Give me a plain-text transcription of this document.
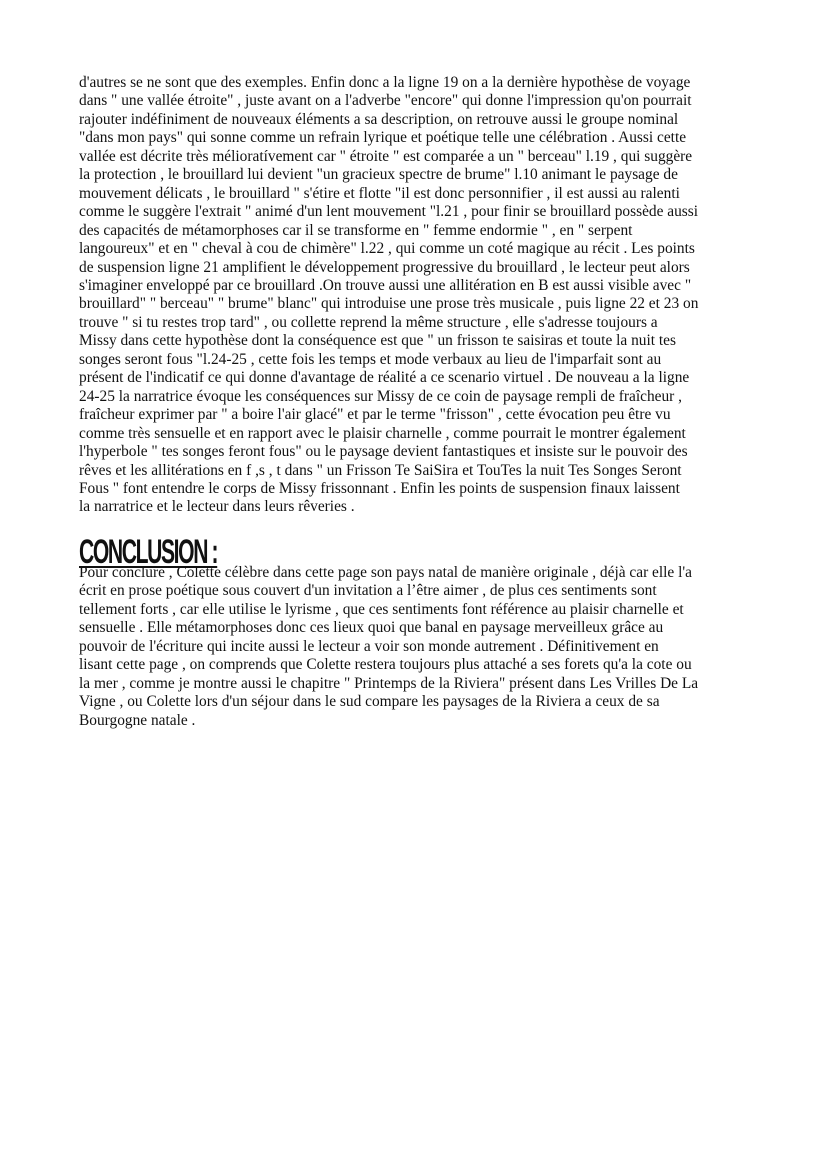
d'autres se ne sont que des exemples. Enfin donc a la ligne 19 on a la dernière hypothèse de voyage
dans " une vallée étroite" , juste avant on a l'adverbe "encore" qui donne l'impression qu'on pourrait
rajouter indéfiniment de nouveaux éléments a sa description, on retrouve aussi le groupe nominal
"dans mon pays" qui sonne comme un refrain lyrique et poétique telle une célébration . Aussi cette
vallée est décrite très mélioratívement car " étroite " est comparée a un " berceau" l.19 , qui suggère
la protection , le brouillard lui devient "un gracieux spectre de brume" l.10 animant le paysage de
mouvement délicats , le brouillard " s'étire et flotte "il est donc personnifier , il est aussi au ralenti
comme le suggère l'extrait " animé d'un lent mouvement "l.21 , pour finir se brouillard possède aussi
des capacités de métamorphoses car il se transforme en " femme endormie " , en " serpent
langoureux" et en " cheval à cou de chimère" l.22 , qui comme un coté magique au récit . Les points
de suspension ligne 21 amplifient le développement progressive du brouillard , le lecteur peut alors
s'imaginer enveloppé par ce brouillard .On trouve aussi une allitération en B est aussi visible avec "
brouillard" " berceau" " brume" blanc" qui introduise une prose très musicale , puis ligne 22 et 23 on
trouve " si tu restes trop tard" , ou collette reprend la même structure , elle s'adresse toujours a
Missy dans cette hypothèse dont la conséquence est que " un frisson te saisiras et toute la nuit tes
songes seront fous "l.24-25 , cette fois les temps et mode verbaux au lieu de l'imparfait sont au
présent de l'indicatif ce qui donne d'avantage de réalité a ce scenario virtuel . De nouveau a la ligne
24-25 la narratrice évoque les conséquences sur Missy de ce coin de paysage rempli de fraîcheur ,
fraîcheur exprimer par " a boire l'air glacé" et par le terme "frisson" , cette évocation peu être vu
comme très sensuelle et en rapport avec le plaisir charnelle , comme pourrait le montrer également
l'hyperbole " tes songes feront fous" ou le paysage devient fantastiques et insiste sur le pouvoir des
rêves et les allitérations en f ,s , t dans " un Frisson Te SaiSira et TouTes la nuit Tes Songes Seront
Fous " font entendre le corps de Missy frissonnant . Enfin les points de suspension finaux laissent
la narratrice et le lecteur dans leurs rêveries .

CONCLUSION :

Pour conclure , Colette célèbre dans cette page son pays natal de manière originale , déjà car elle l'a
écrit en prose poétique sous couvert d'un invitation a l’être aimer , de plus ces sentiments sont
tellement forts , car elle utilise le lyrisme , que ces sentiments font référence au plaisir charnelle et
sensuelle . Elle métamorphoses donc ces lieux quoi que banal en paysage merveilleux grâce au
pouvoir de l'écriture qui incite aussi le lecteur a voir son monde autrement . Définitivement en
lisant cette page , on comprends que Colette restera toujours plus attaché a ses forets qu'a la cote ou
la mer , comme je montre aussi le chapitre " Printemps de la Riviera" présent dans Les Vrilles De La
Vigne , ou Colette lors d'un séjour dans le sud compare les paysages de la Riviera a ceux de sa
Bourgogne natale .
